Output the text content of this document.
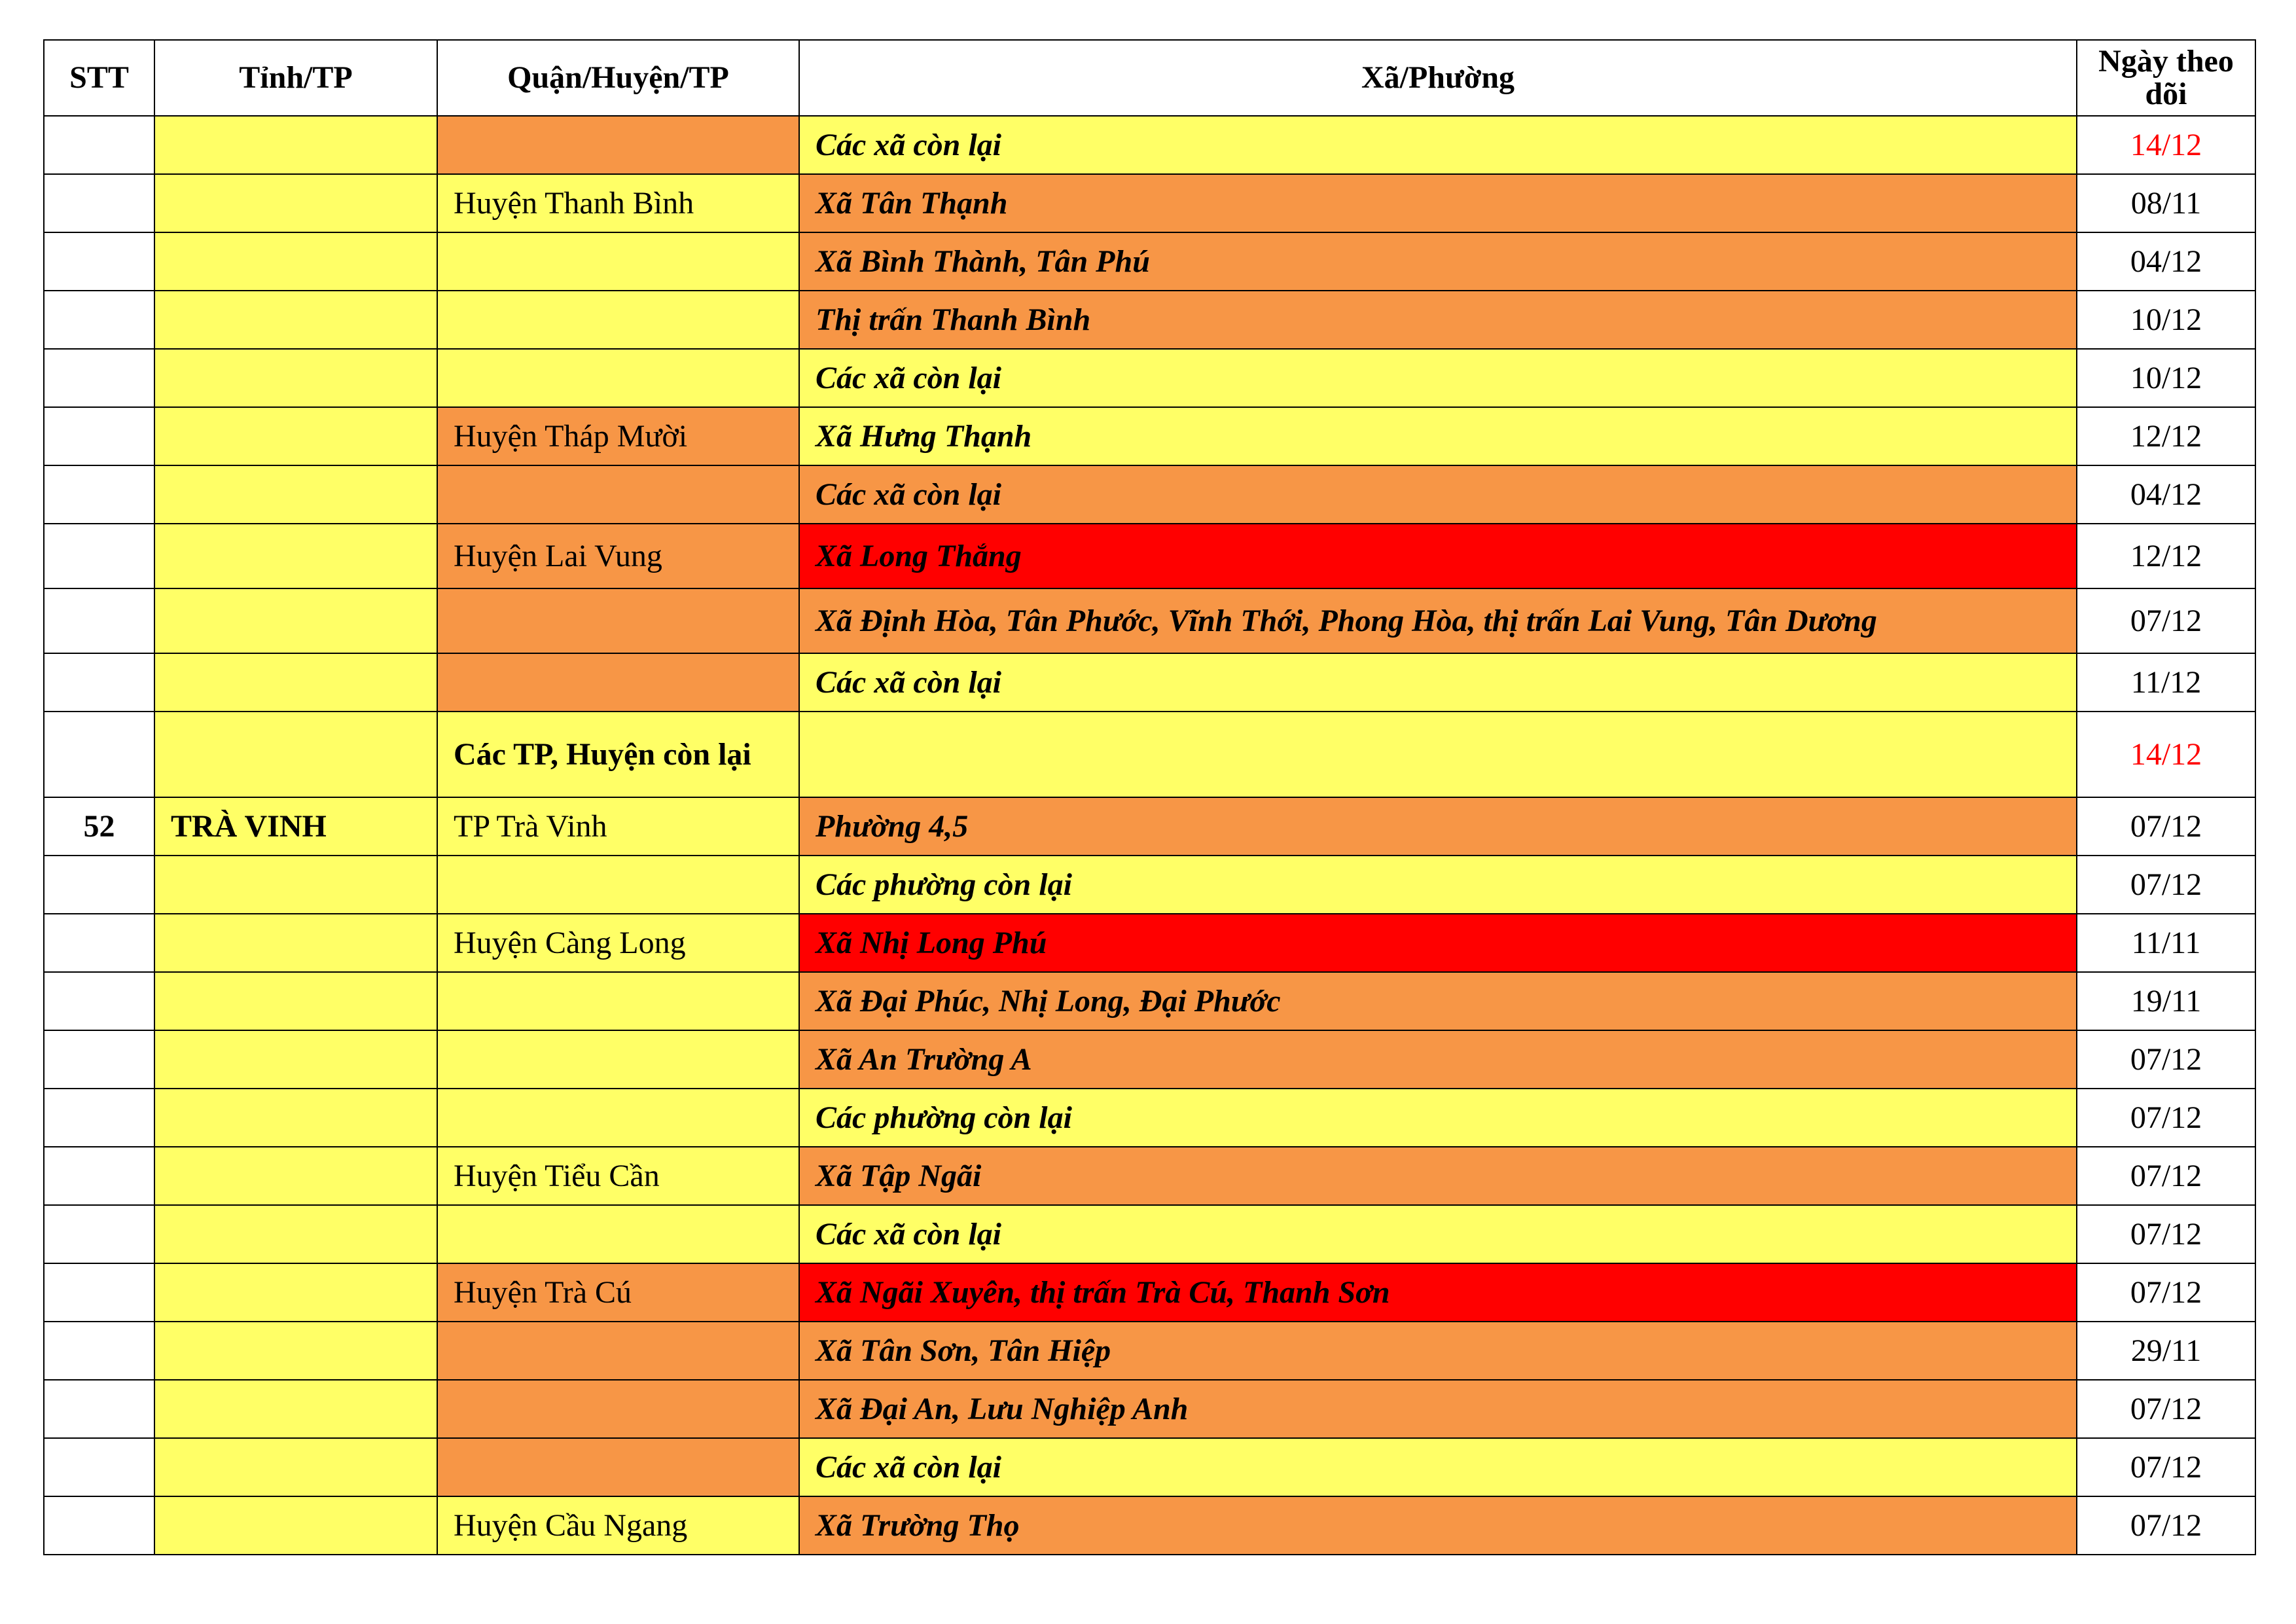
STT	Tỉnh/TP	Quận/Huyện/TP	Xã/Phường	Ngày theo dõi
			Các xã còn lại	14/12
		Huyện Thanh Bình	Xã Tân Thạnh	08/11
			Xã Bình Thành, Tân Phú	04/12
			Thị trấn Thanh Bình	10/12
			Các xã còn lại	10/12
		Huyện Tháp Mười	Xã Hưng Thạnh	12/12
			Các xã còn lại	04/12
		Huyện Lai Vung	Xã Long Thắng	12/12
			Xã Định Hòa, Tân Phước, Vĩnh Thới, Phong Hòa, thị trấn Lai Vung, Tân Dương	07/12
			Các xã còn lại	11/12
		Các TP, Huyện còn lại		14/12
52	TRÀ VINH	TP Trà Vinh	Phường 4,5	07/12
			Các phường còn lại	07/12
		Huyện Càng Long	Xã Nhị Long Phú	11/11
			Xã Đại Phúc, Nhị Long, Đại Phước	19/11
			Xã An Trường A	07/12
			Các phường còn lại	07/12
		Huyện Tiểu Cần	Xã Tập Ngãi	07/12
			Các xã còn lại	07/12
		Huyện Trà Cú	Xã Ngãi Xuyên, thị trấn Trà Cú, Thanh Sơn	07/12
			Xã Tân Sơn, Tân Hiệp	29/11
			Xã Đại An, Lưu Nghiệp Anh	07/12
			Các xã còn lại	07/12
		Huyện Cầu Ngang	Xã Trường Thọ	07/12
